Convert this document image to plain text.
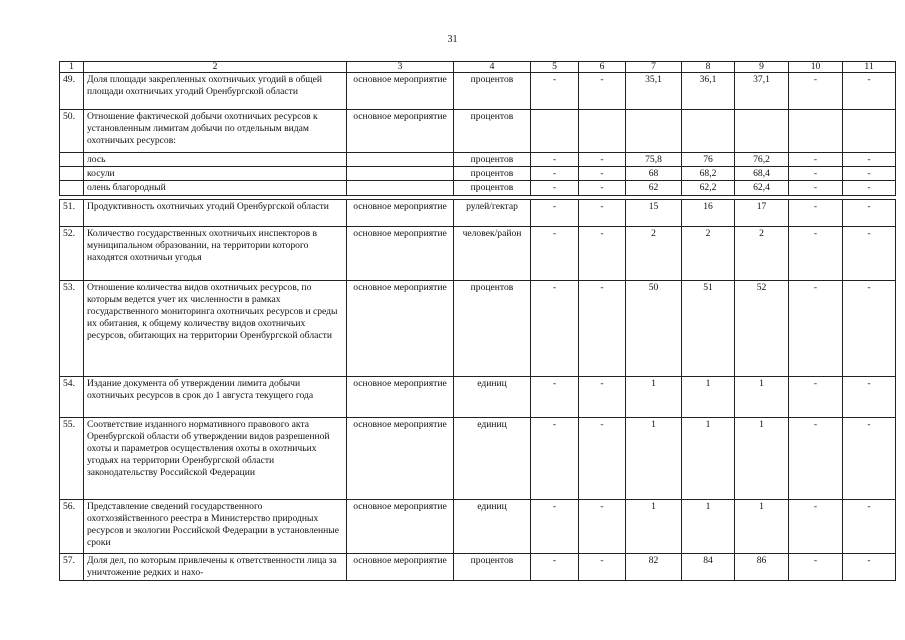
31
1	2	3	4	5	6	7	8	9	10	11
49.	Доля площади закрепленных охотничьих угодий в общей площади охотничьих угодий Оренбургской области	основное мероприятие	процентов	-	-	35,1	36,1	37,1	-	-
50.	Отношение фактической добычи охотничьих ресурсов к установленным лимитам добычи по отдельным видам охотничьих ресурсов:	основное мероприятие	процентов							
	лось		процентов	-	-	75,8	76	76,2	-	-
	косули		процентов	-	-	68	68,2	68,4	-	-
	олень благородный		процентов	-	-	62	62,2	62,4	-	-

51.	Продуктивность охотничьих угодий Оренбургской области	основное мероприятие	рулей/гектар	-	-	15	16	17	-	-
52.	Количество государственных охотничьих инспекторов в муниципальном образовании, на территории которого находятся охотничьи угодья	основное мероприятие	человек/район	-	-	2	2	2	-	-
53.	Отношение количества видов охотничьих ресурсов, по которым ведется учет их численности в рамках государственного мониторинга охотничьих ресурсов и среды их обитания, к общему количеству видов охотничьих ресурсов, обитающих на территории Оренбургской области	основное мероприятие	процентов	-	-	50	51	52	-	-
54.	Издание документа об утверждении лимита добычи охотничьих ресурсов в срок до 1 августа текущего года	основное мероприятие	единиц	-	-	1	1	1	-	-
55.	Соответствие изданного нормативного правового акта Оренбургской области об утверждении видов разрешенной охоты и параметров осуществления охоты в охотничьих угодьях на территории Оренбургской области законодательству Российской Федерации	основное мероприятие	единиц	-	-	1	1	1	-	-
56.	Представление сведений государственного охотхозяйственного реестра в Министерство природных ресурсов и экологии Российской Федерации в установленные сроки	основное мероприятие	единиц	-	-	1	1	1	-	-
57.	Доля дел, по которым привлечены к ответственности лица за уничтожение редких и нахо-	основное мероприятие	процентов	-	-	82	84	86	-	-
